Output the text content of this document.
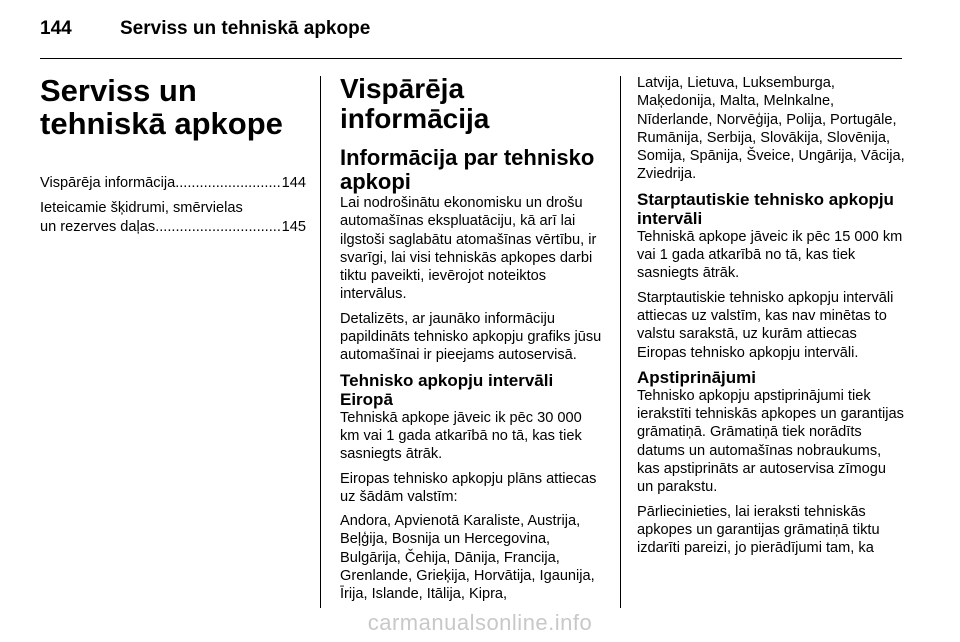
144	Serviss un tehniskā apkope
Serviss un tehniskā apkope
Vispārēja informācija .....	144
Ieteicamie šķidrumi, smērvielas
un rezerves daļas .....	145
Vispārēja informācija
Informācija par tehnisko apkopi

Lai nodrošinātu ekonomisku un drošu automašīnas ekspluatāciju, kā arī lai ilgstoši saglabātu atomašīnas vērtību, ir svarīgi, lai visi tehniskās apkopes darbi tiktu paveikti, ievērojot noteiktos intervālus.

Detalizēts, ar jaunāko informāciju papildināts tehnisko apkopju grafiks jūsu automašīnai ir pieejams autoservisā.

Tehnisko apkopju intervāli Eiropā

Tehniskā apkope jāveic ik pēc 30 000 km vai 1 gada atkarībā no tā, kas tiek sasniegts ātrāk.

Eiropas tehnisko apkopju plāns attiecas uz šādām valstīm:

Andora, Apvienotā Karaliste, Austrija, Beļģija, Bosnija un Hercegovina, Bulgārija, Čehija, Dānija, Francija, Grenlande, Grieķija, Horvātija, Igaunija, Īrija, Islande, Itālija, Kipra,

Latvija, Lietuva, Luksemburga, Maķedonija, Malta, Melnkalne, Nīderlande, Norvēģija, Polija, Portugāle, Rumānija, Serbija, Slovākija, Slovēnija, Somija, Spānija, Šveice, Ungārija, Vācija, Zviedrija.

Starptautiskie tehnisko apkopju intervāli

Tehniskā apkope jāveic ik pēc 15 000 km vai 1 gada atkarībā no tā, kas tiek sasniegts ātrāk.

Starptautiskie tehnisko apkopju intervāli attiecas uz valstīm, kas nav minētas to valstu sarakstā, uz kurām attiecas Eiropas tehnisko apkopju intervāli.

Apstiprinājumi

Tehnisko apkopju apstiprinājumi tiek ierakstīti tehniskās apkopes un garantijas grāmatiņā. Grāmatiņā tiek norādīts datums un automašīnas nobraukums, kas apstiprināts ar autoservisa zīmogu un parakstu.

Pārliecinieties, lai ieraksti tehniskās apkopes un garantijas grāmatiņā tiktu izdarīti pareizi, jo pierādījumi tam, ka

carmanualsonline.info
